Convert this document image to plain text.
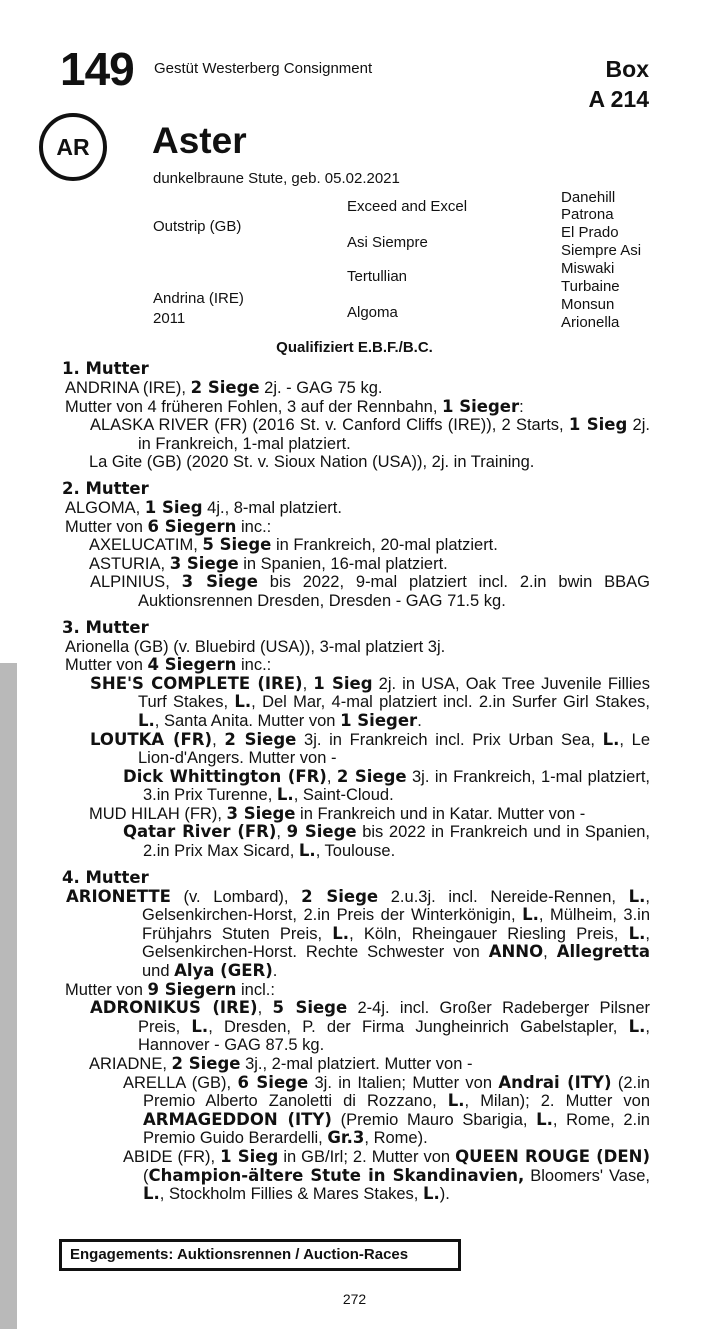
149 Gestüt Westerberg Consignment	Box
A 214
AR	Aster
dunkelbraune Stute, geb. 05.02.2021
Outstrip (GB)
Andrina (IRE)
2011
Exceed and Excel
Asi Siempre
Tertullian
Algoma
Danehill
Patrona
El Prado
Siempre Asi
Miswaki
Turbaine
Monsun
Arionella
Qualifiziert E.B.F./B.C.
1. Mutter
ANDRINA (IRE), 2 Siege 2j. - GAG 75 kg.
Mutter von 4 früheren Fohlen, 3 auf der Rennbahn, 1 Sieger:
ALASKA RIVER (FR) (2016 St. v. Canford Cliffs (IRE)), 2 Starts, 1 Sieg 2j. in Frankreich, 1-mal platziert.
La Gite (GB) (2020 St. v. Sioux Nation (USA)), 2j. in Training.
2. Mutter
ALGOMA, 1 Sieg 4j., 8-mal platziert.
Mutter von 6 Siegern inc.:
AXELUCATIM, 5 Siege in Frankreich, 20-mal platziert.
ASTURIA, 3 Siege in Spanien, 16-mal platziert.
ALPINIUS, 3 Siege bis 2022, 9-mal platziert incl. 2.in bwin BBAG Auktionsrennen Dresden, Dresden - GAG 71.5 kg.
3. Mutter
Arionella (GB) (v. Bluebird (USA)), 3-mal platziert 3j.
Mutter von 4 Siegern inc.:
SHE'S COMPLETE (IRE), 1 Sieg 2j. in USA, Oak Tree Juvenile Fillies Turf Stakes, L., Del Mar, 4-mal platziert incl. 2.in Surfer Girl Stakes, L., Santa Anita. Mutter von 1 Sieger.
LOUTKA (FR), 2 Siege 3j. in Frankreich incl. Prix Urban Sea, L., Le Lion-d'Angers. Mutter von -
Dick Whittington (FR), 2 Siege 3j. in Frankreich, 1-mal platziert, 3.in Prix Turenne, L., Saint-Cloud.
MUD HILAH (FR), 3 Siege in Frankreich und in Katar. Mutter von -
Qatar River (FR), 9 Siege bis 2022 in Frankreich und in Spanien, 2.in Prix Max Sicard, L., Toulouse.
4. Mutter
ARIONETTE (v. Lombard), 2 Siege 2.u.3j. incl. Nereide-Rennen, L., Gelsenkirchen-Horst, 2.in Preis der Winterkönigin, L., Mülheim, 3.in Frühjahrs Stuten Preis, L., Köln, Rheingauer Riesling Preis, L., Gelsenkirchen-Horst. Rechte Schwester von ANNO, Allegretta und Alya (GER).
Mutter von 9 Siegern incl.:
ADRONIKUS (IRE), 5 Siege 2-4j. incl. Großer Radeberger Pilsner Preis, L., Dresden, P. der Firma Jungheinrich Gabelstapler, L., Hannover - GAG 87.5 kg.
ARIADNE, 2 Siege 3j., 2-mal platziert. Mutter von -
ARELLA (GB), 6 Siege 3j. in Italien; Mutter von Andrai (ITY) (2.in Premio Alberto Zanoletti di Rozzano, L., Milan); 2. Mutter von ARMAGEDDON (ITY) (Premio Mauro Sbarigia, L., Rome, 2.in Premio Guido Berardelli, Gr.3, Rome).
ABIDE (FR), 1 Sieg in GB/Irl; 2. Mutter von QUEEN ROUGE (DEN) (Champion-ältere Stute in Skandinavien, Bloomers' Vase, L., Stockholm Fillies & Mares Stakes, L.).
Engagements: Auktionsrennen / Auction-Races
272
